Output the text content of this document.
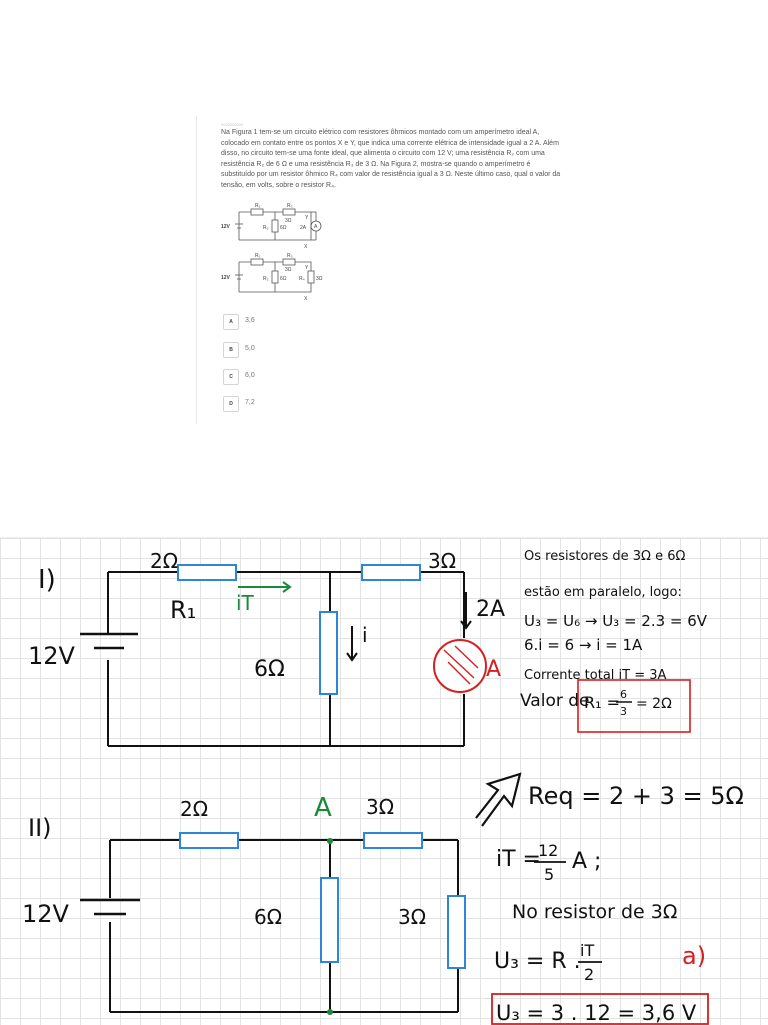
0000000000
Na Figura 1 tem-se um circuito elétrico com resistores ôhmicos montado com um amperímetro ideal A, colocado em contato entre os pontos X e Y, que indica uma corrente elétrica de intensidade igual a 2 A. Além disso, no circuito tem-se uma fonte ideal, que alimenta o circuito com 12 V; uma resistência R₂ com uma resistência R₂ de 6 Ω e uma resistência R₃ de 3 Ω. Na Figura 2, mostra-se quando o amperímetro é substituído por um resistor ôhmico R₄ com valor de resistência igual a 3 Ω. Neste último caso, qual o valor da tensão, em volts, sobre o resistor R₄.
R₁	R₃
3Ω	Y
R₂ 6Ω	2A A
12V
X
R₁	R₃
3Ω	Y
R₂ 6Ω R₄ 3Ω
12V
X
A	3,6
B	5,0
C	6,0
D	7,2
I)
2Ω
R₁ iT
3Ω
12V	6Ω
i
2A
A
Os resistores de 3Ω e 6Ω
estão em paralelo, logo:
U₃ = U₆ → U₃ = 2.3 = 6V
6.i = 6 → i = 1A
Corrente total iT = 3A
Valor de
R₁ = 6
3 = 2Ω
II)
2Ω	A 3Ω
12V	6Ω	3Ω
Req = 2 + 3 = 5Ω
iT =
12
5
A ;
No resistor de 3Ω
U₃ = R . iT
2
a)
U₃ = 3 . 12 = 3,6 V
